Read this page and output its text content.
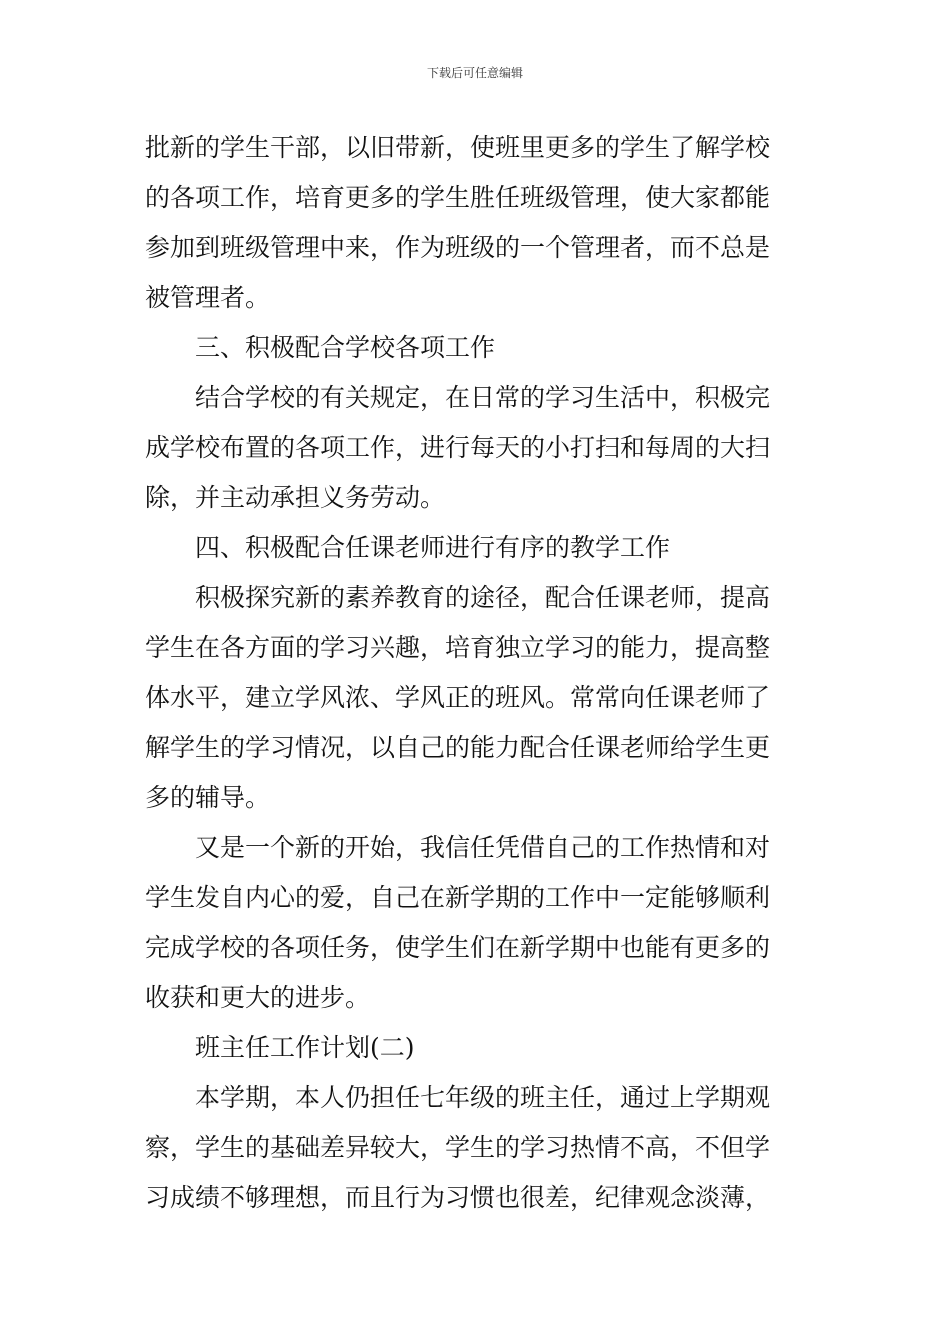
下载后可任意编辑
批新的学生干部，以旧带新，使班里更多的学生了解学校
的各项工作，培育更多的学生胜任班级管理，使大家都能
参加到班级管理中来，作为班级的一个管理者，而不总是
被管理者。
三、积极配合学校各项工作
结合学校的有关规定，在日常的学习生活中，积极完
成学校布置的各项工作，进行每天的小打扫和每周的大扫
除，并主动承担义务劳动。
四、积极配合任课老师进行有序的教学工作
积极探究新的素养教育的途径，配合任课老师，提高
学生在各方面的学习兴趣，培育独立学习的能力，提高整
体水平，建立学风浓、学风正的班风。常常向任课老师了
解学生的学习情况，以自己的能力配合任课老师给学生更
多的辅导。
又是一个新的开始，我信任凭借自己的工作热情和对
学生发自内心的爱，自己在新学期的工作中一定能够顺利
完成学校的各项任务，使学生们在新学期中也能有更多的
收获和更大的进步。
班主任工作计划(二)
本学期，本人仍担任七年级的班主任，通过上学期观
察，学生的基础差异较大，学生的学习热情不高，不但学
习成绩不够理想，而且行为习惯也很差，纪律观念淡薄，
